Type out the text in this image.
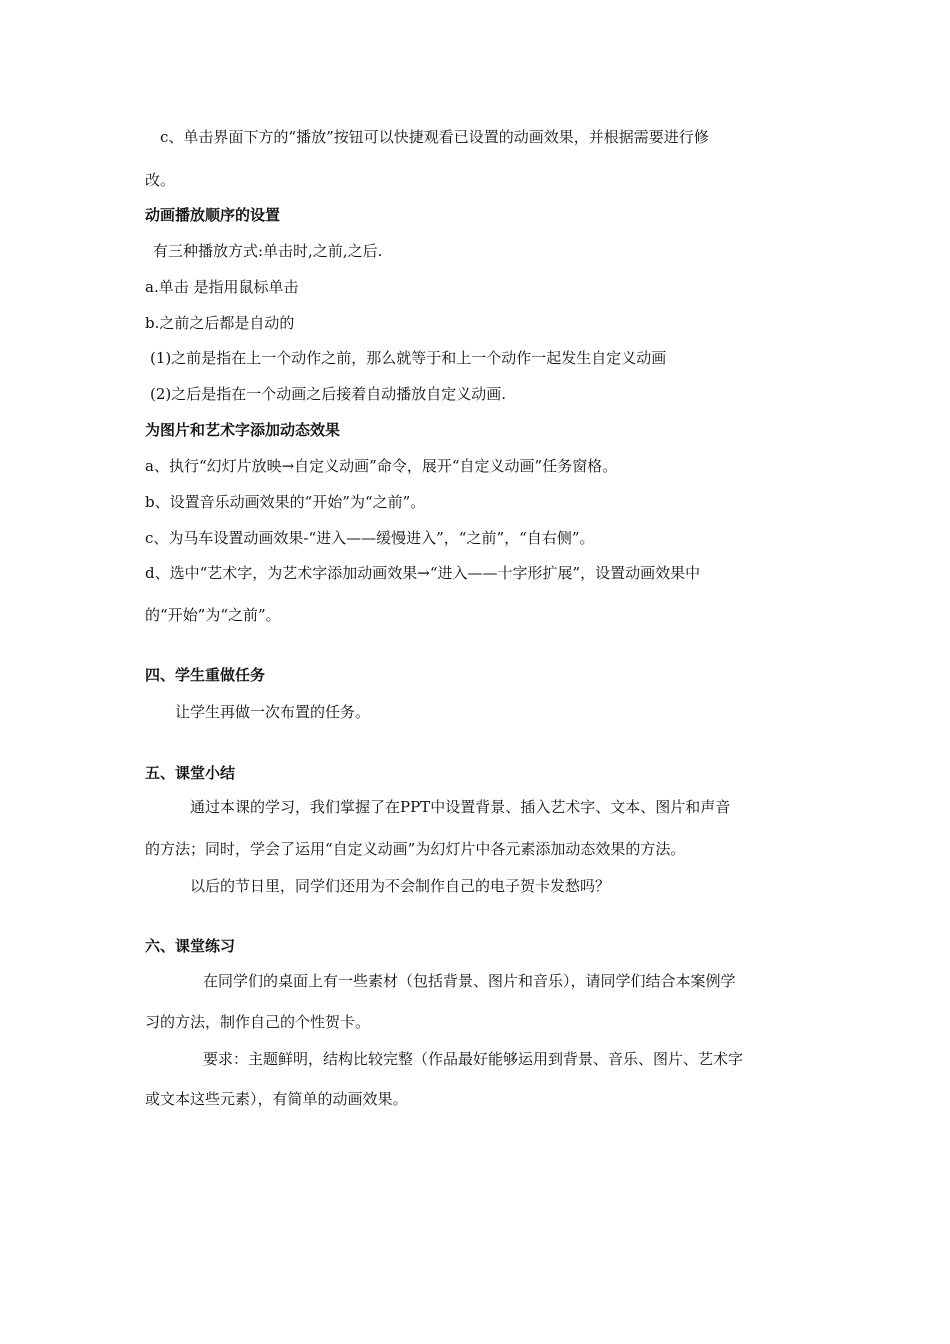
c、单击界面下方的“播放”按钮可以快捷观看已设置的动画效果，并根据需要进行修
改。
动画播放顺序的设置
有三种播放方式:单击时,之前,之后.
a.单击 是指用鼠标单击
b.之前之后都是自动的
(1)之前是指在上一个动作之前，那么就等于和上一个动作一起发生自定义动画
(2)之后是指在一个动画之后接着自动播放自定义动画.
为图片和艺术字添加动态效果
a、执行“幻灯片放映→自定义动画”命令，展开“自定义动画”任务窗格。
b、设置音乐动画效果的“开始”为“之前”。
c、为马车设置动画效果-“进入——缓慢进入”，“之前”，“自右侧”。
d、选中“艺术字，为艺术字添加动画效果→“进入——十字形扩展”，设置动画效果中
的“开始”为“之前”。
四、学生重做任务
让学生再做一次布置的任务。
五、课堂小结
通过本课的学习，我们掌握了在PPT中设置背景、插入艺术字、文本、图片和声音
的方法；同时，学会了运用“自定义动画”为幻灯片中各元素添加动态效果的方法。
以后的节日里，同学们还用为不会制作自己的电子贺卡发愁吗？
六、课堂练习
在同学们的桌面上有一些素材（包括背景、图片和音乐），请同学们结合本案例学
习的方法，制作自己的个性贺卡。
要求：主题鲜明，结构比较完整（作品最好能够运用到背景、音乐、图片、艺术字
或文本这些元素），有简单的动画效果。
